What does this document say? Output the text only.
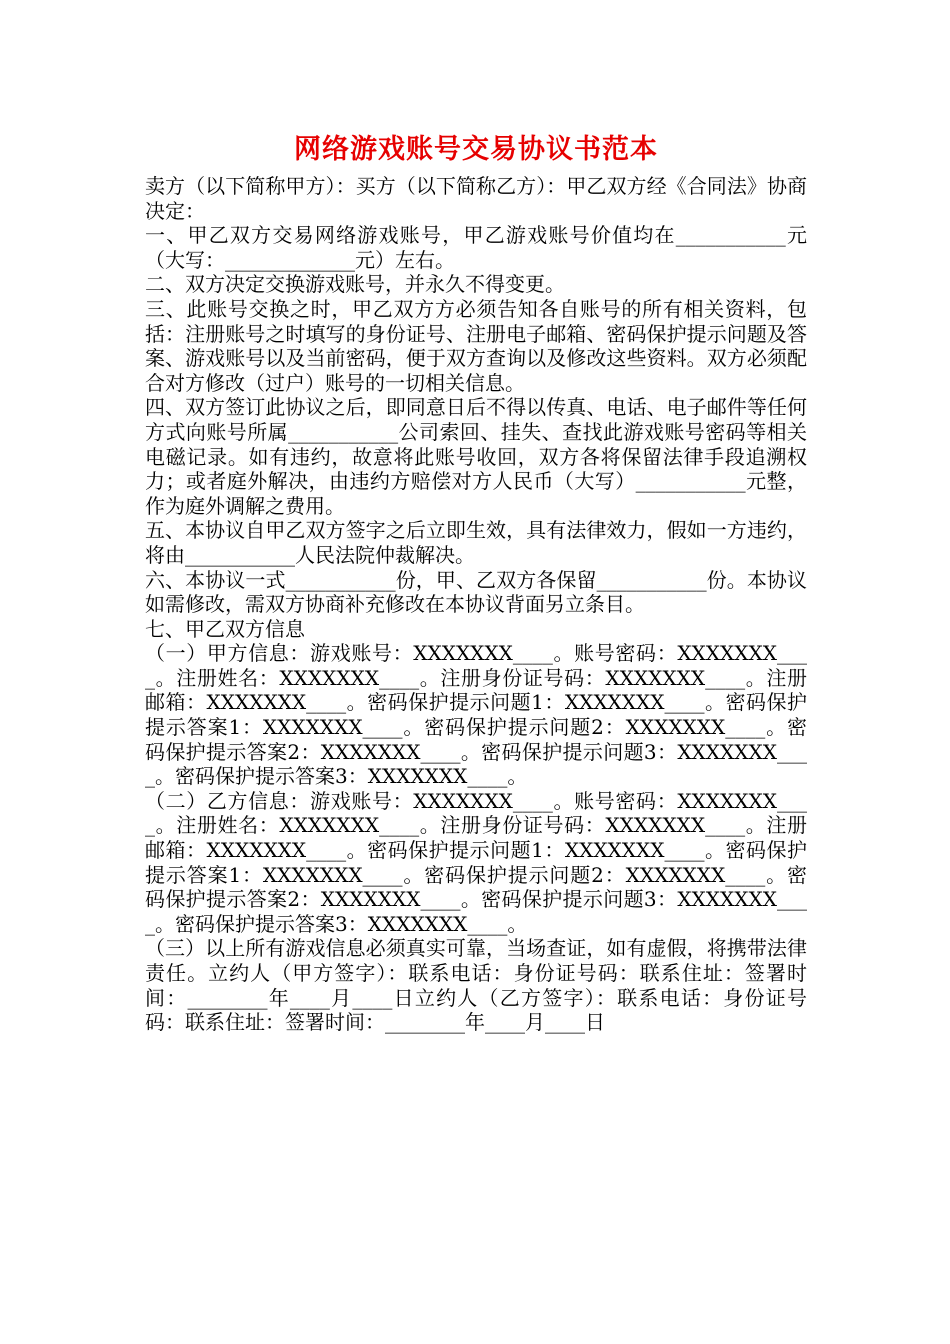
网络游戏账号交易协议书范本

卖方（以下简称甲方）：买方（以下简称乙方）：甲乙双方经《合同法》协商决定：

一、甲乙双方交易网络游戏账号，甲乙游戏账号价值均在___________元（大写：_____________元）左右。

二、双方决定交换游戏账号，并永久不得变更。

三、此账号交换之时，甲乙双方方必须告知各自账号的所有相关资料，包括：注册账号之时填写的身份证号、注册电子邮箱、密码保护提示问题及答案、游戏账号以及当前密码，便于双方查询以及修改这些资料。双方必须配合对方修改（过户）账号的一切相关信息。

四、双方签订此协议之后，即同意日后不得以传真、电话、电子邮件等任何方式向账号所属___________公司索回、挂失、查找此游戏账号密码等相关电磁记录。如有违约，故意将此账号收回，双方各将保留法律手段追溯权力；或者庭外解决，由违约方赔偿对方人民币（大写）___________元整，作为庭外调解之费用。

五、本协议自甲乙双方签字之后立即生效，具有法律效力，假如一方违约，将由___________人民法院仲裁解决。

六、本协议一式___________份，甲、乙双方各保留___________份。本协议如需修改，需双方协商补充修改在本协议背面另立条目。

七、甲乙双方信息

（一）甲方信息：游戏账号：XXXXXXX____。账号密码：XXXXXXX____。注册姓名：XXXXXXX____。注册身份证号码：XXXXXXX____。注册邮箱：XXXXXXX____。密码保护提示问题1：XXXXXXX____。密码保护提示答案1：XXXXXXX____。密码保护提示问题2：XXXXXXX____。密码保护提示答案2：XXXXXXX____。密码保护提示问题3：XXXXXXX____。密码保护提示答案3：XXXXXXX____。

（二）乙方信息：游戏账号：XXXXXXX____。账号密码：XXXXXXX____。注册姓名：XXXXXXX____。注册身份证号码：XXXXXXX____。注册邮箱：XXXXXXX____。密码保护提示问题1：XXXXXXX____。密码保护提示答案1：XXXXXXX____。密码保护提示问题2：XXXXXXX____。密码保护提示答案2：XXXXXXX____。密码保护提示问题3：XXXXXXX____。密码保护提示答案3：XXXXXXX____。

（三）以上所有游戏信息必须真实可靠，当场查证，如有虚假，将携带法律责任。立约人（甲方签字）：联系电话：身份证号码：联系住址：签署时间：________年____月____日立约人（乙方签字）：联系电话：身份证号码：联系住址：签署时间：________年____月____日
